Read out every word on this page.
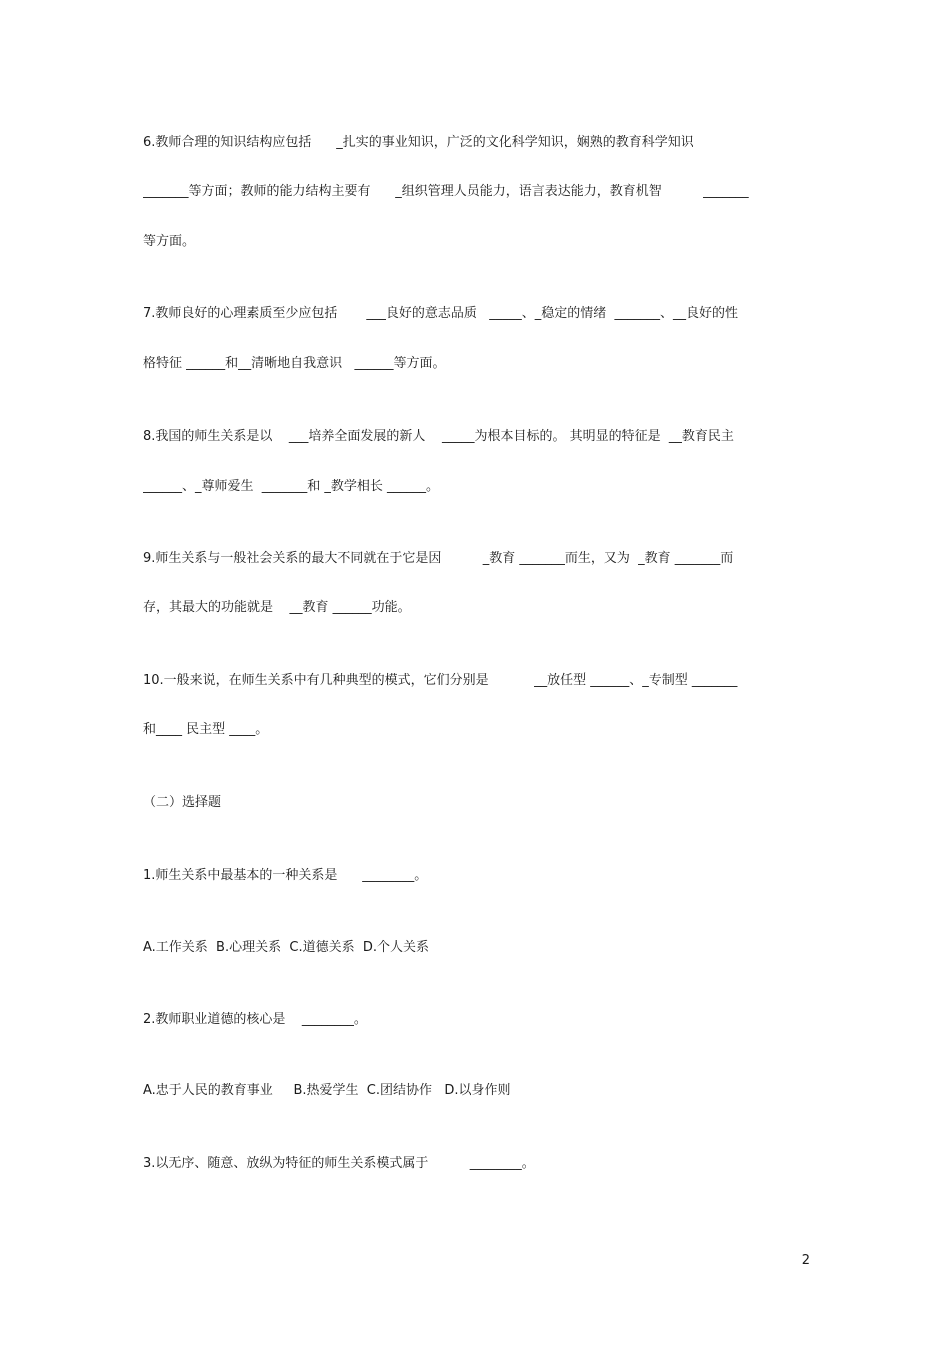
6.教师合理的知识结构应包括      _扎实的事业知识，广泛的文化科学知识，娴熟的教育科学知识
_______等方面；教师的能力结构主要有      _组织管理人员能力，语言表达能力，教育机智          _______
等方面。
7.教师良好的心理素质至少应包括       ___良好的意志品质   _____、_稳定的情绪  _______、__良好的性
格特征 ______和__清晰地自我意识   ______等方面。
8.我国的师生关系是以    ___培养全面发展的新人    _____为根本目标的。 其明显的特征是  __教育民主
______、_尊师爱生  _______和 _教学相长 ______。
9.师生关系与一般社会关系的最大不同就在于它是因          _教育 _______而生，又为  _教育 _______而
存，其最大的功能就是    __教育 ______功能。
10.一般来说，在师生关系中有几种典型的模式，它们分别是           __放任型 ______、_专制型 _______
和____ 民主型 ____。
（二）选择题
1.师生关系中最基本的一种关系是      ________。
A.工作关系  B.心理关系  C.道德关系  D.个人关系
2.教师职业道德的核心是    ________。
A.忠于人民的教育事业     B.热爱学生  C.团结协作   D.以身作则
3.以无序、随意、放纵为特征的师生关系模式属于          ________。
2
